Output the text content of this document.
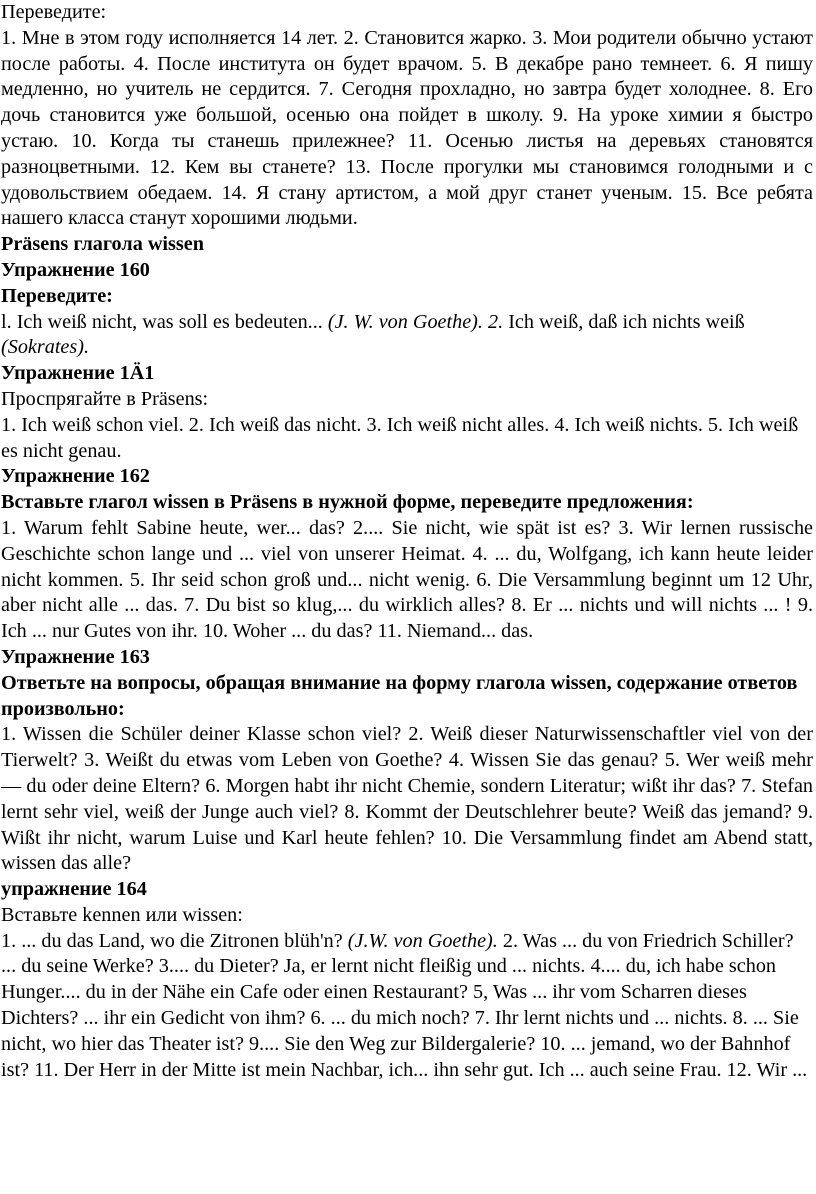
Переведите:

1. Мне в этом году исполняется 14 лет. 2. Становится жарко. 3. Мои родители обычно устают после работы. 4. После института он будет врачом. 5. В декабре рано темнеет. 6. Я пишу медленно, но учитель не сердится. 7. Сегодня прохладно, но завтра будет холоднее. 8. Его дочь становится уже большой, осенью она пойдет в школу. 9. На уроке химии я быстро устаю. 10. Когда ты станешь прилежнее? 11. Осенью листья на деревьях становятся разноцветными. 12. Кем вы станете? 13. После прогулки мы становимся голодными и с удовольствием обедаем. 14. Я стану артистом, а мой друг станет ученым. 15. Все ребята нашего класса станут хорошими людьми.

Präsens глагола wissen

Упражнение 160

Переведите:

l. Ich weiß nicht, was soll es bedeuten... (J. W. von Goethe). 2. Ich weiß, daß ich nichts weiß (Sokrates).

Упражнение 1Ä1

Проспрягайте в Präsens:

1. Ich weiß schon viel. 2. Ich weiß das nicht. 3. Ich weiß nicht alles. 4. Ich weiß nichts. 5. Ich weiß es nicht genau.

Упражнение 162

Вставьте глагол wissen в Präsens в нужной форме, переведите предложения:

1. Warum fehlt Sabine heute, wer... das? 2.... Sie nicht, wie spät ist es? 3. Wir lernen russische Geschichte schon lange und ... viel von unserer Heimat. 4. ... du, Wolfgang, ich kann heute leider nicht kommen. 5. Ihr seid schon groß und... nicht wenig. 6. Die Versammlung beginnt um 12 Uhr, aber nicht alle ... das. 7. Du bist so klug,... du wirklich alles? 8. Er ... nichts und will nichts ... ! 9. Ich ... nur Gutes von ihr. 10. Woher ... du das? 11. Niemand... das.

Упражнение 163

Ответьте на вопросы, обращая внимание на форму глагола wissen, содержание ответов произвольно:

1. Wissen die Schüler deiner Klasse schon viel? 2. Weiß dieser Naturwissenschaftler viel von der Tierwelt? 3. Weißt du etwas vom Leben von Goethe? 4. Wissen Sie das genau? 5. Wer weiß mehr — du oder deine Eltern? 6. Morgen habt ihr nicht Chemie, sondern Literatur; wißt ihr das? 7. Stefan lernt sehr viel, weiß der Junge auch viel? 8. Kommt der Deutschlehrer beute? Weiß das jemand? 9. Wißt ihr nicht, warum Luise und Karl heute fehlen? 10. Die Versammlung findet am Abend statt, wissen das alle?

упражнение 164

Вставьте kennen или wissen:

1. ... du das Land, wo die Zitronen blüh'n? (J.W. von Goethe). 2. Was ... du von Friedrich Schiller? ... du seine Werke? 3.... du Dieter? Ja, er lernt nicht fleißig und ... nichts. 4.... du, ich habe schon Hunger.... du in der Nähe ein Cafe oder einen Restaurant? 5, Was ... ihr vom Scharren dieses Dichters? ... ihr ein Gedicht von ihm? 6. ... du mich noch? 7. Ihr lernt nichts und ... nichts. 8. ... Sie nicht, wo hier das Theater ist? 9.... Sie den Weg zur Bildergalerie? 10. ... jemand, wo der Bahnhof ist? 11. Der Herr in der Mitte ist mein Nachbar, ich... ihn sehr gut. Ich ... auch seine Frau. 12. Wir ...
